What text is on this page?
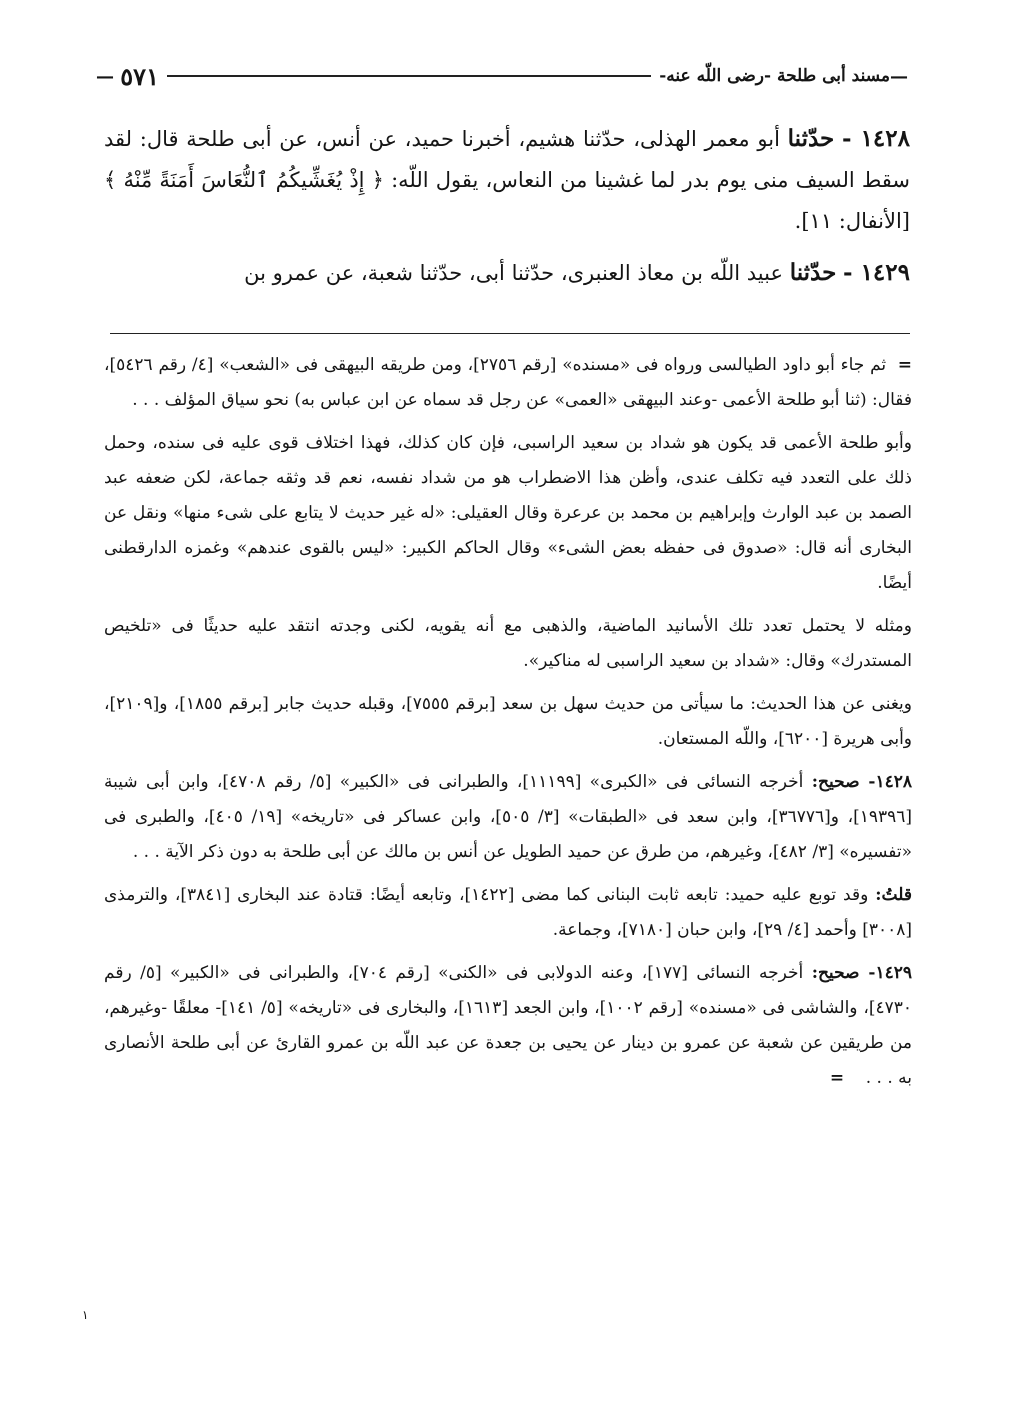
—
مسند أبى طلحة -رضى اللّه عنه-
٥٧١
—

١٤٢٨ - حدّثنا أبو معمر الهذلى، حدّثنا هشيم، أخبرنا حميد، عن أنس، عن أبى طلحة قال: لقد سقط السيف منى يوم بدر لما غشينا من النعاس، يقول اللّه: ﴿ إِذْ يُغَشِّيكُمُ ٱلنُّعَاسَ أَمَنَةً مِّنْهُ ﴾ [الأنفال: ١١].

١٤٢٩ - حدّثنا عبيد اللّه بن معاذ العنبرى، حدّثنا أبى، حدّثنا شعبة، عن عمرو بن

=  ثم جاء أبو داود الطيالسى ورواه فى «مسنده» [رقم ٢٧٥٦]، ومن طريقه البيهقى فى «الشعب» [٤/ رقم ٥٤٢٦]، فقال: (ثنا أبو طلحة الأعمى -وعند البيهقى «العمى» عن رجل قد سماه عن ابن عباس به) نحو سياق المؤلف . . .

وأبو طلحة الأعمى قد يكون هو شداد بن سعيد الراسبى، فإن كان كذلك، فهذا اختلاف قوى عليه فى سنده، وحمل ذلك على التعدد فيه تكلف عندى، وأظن هذا الاضطراب هو من شداد نفسه، نعم قد وثقه جماعة، لكن ضعفه عبد الصمد بن عبد الوارث وإبراهيم بن محمد بن عرعرة وقال العقيلى: «له غير حديث لا يتابع على شىء منها» ونقل عن البخارى أنه قال: «صدوق فى حفظه بعض الشىء» وقال الحاكم الكبير: «ليس بالقوى عندهم» وغمزه الدارقطنى أيضًا.

ومثله لا يحتمل تعدد تلك الأسانيد الماضية، والذهبى مع أنه يقويه، لكنى وجدته انتقد عليه حديثًا فى «تلخيص المستدرك» وقال: «شداد بن سعيد الراسبى له مناكير».

ويغنى عن هذا الحديث: ما سيأتى من حديث سهل بن سعد [برقم ٧٥٥٥]، وقبله حديث جابر [برقم ١٨٥٥]، و[٢١٠٩]، وأبى هريرة [٦٢٠٠]، واللّه المستعان.

١٤٢٨- صحيح: أخرجه النسائى فى «الكبرى» [١١١٩٩]، والطبرانى فى «الكبير» [٥/ رقم ٤٧٠٨]، وابن أبى شيبة [١٩٣٩٦]، و[٣٦٧٧٦]، وابن سعد فى «الطبقات» [٣/ ٥٠٥]، وابن عساكر فى «تاريخه» [١٩/ ٤٠٥]، والطبرى فى «تفسيره» [٣/ ٤٨٢]، وغيرهم، من طرق عن حميد الطويل عن أنس بن مالك عن أبى طلحة به دون ذكر الآية . . .

قلتُ: وقد توبع عليه حميد: تابعه ثابت البنانى كما مضى [١٤٢٢]، وتابعه أيضًا: قتادة عند البخارى [٣٨٤١]، والترمذى [٣٠٠٨] وأحمد [٤/ ٢٩]، وابن حبان [٧١٨٠]، وجماعة.

١٤٢٩- صحيح: أخرجه النسائى [١٧٧]، وعنه الدولابى فى «الكنى» [رقم ٧٠٤]، والطبرانى فى «الكبير» [٥/ رقم ٤٧٣٠]، والشاشى فى «مسنده» [رقم ١٠٠٢]، وابن الجعد [١٦١٣]، والبخارى فى «تاريخه» [٥/ ١٤١]- معلقًا -وغيرهم، من طريقين عن شعبة عن عمرو بن دينار عن يحيى بن جعدة عن عبد اللّه بن عمرو القارئ عن أبى طلحة الأنصارى به . . .    =

١
